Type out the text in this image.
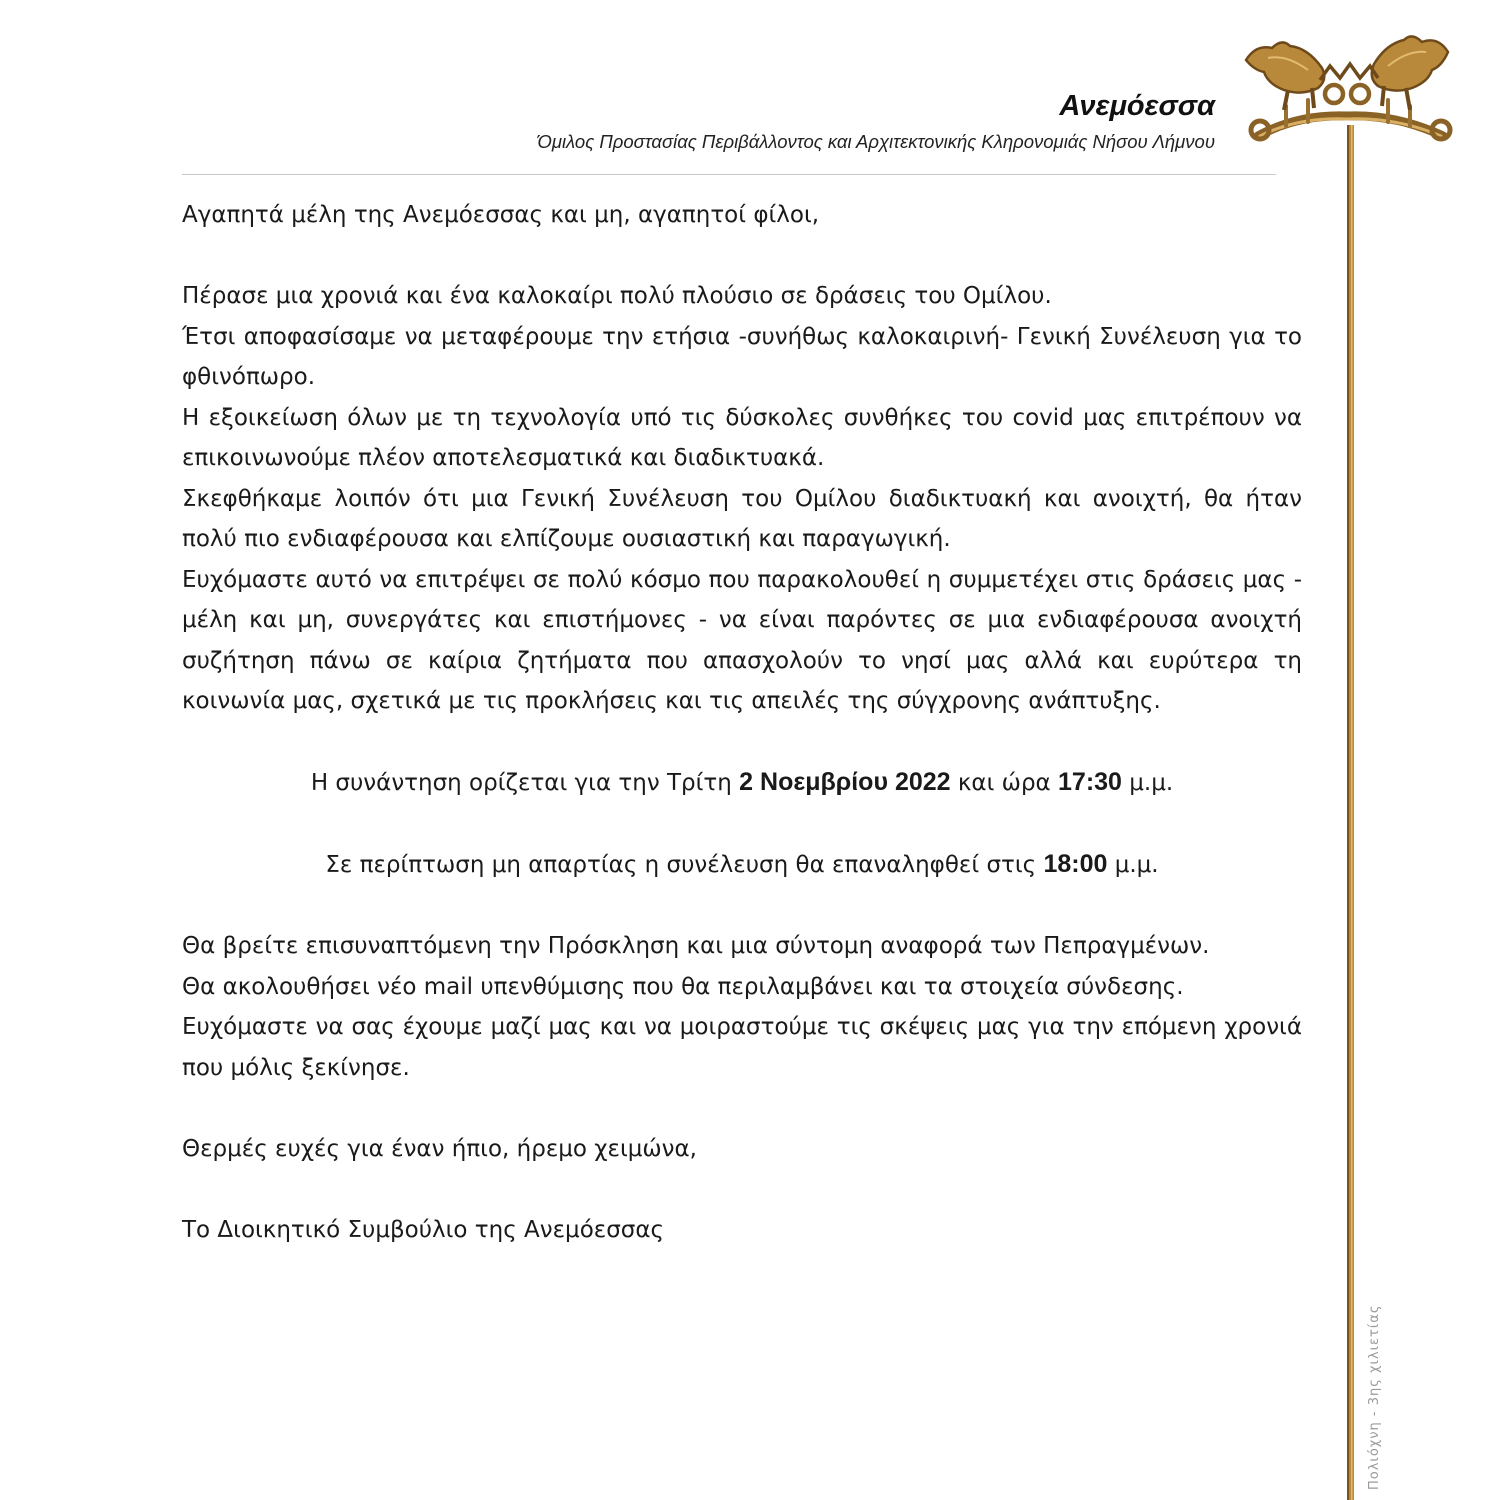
Ανεμόεσσα
Όμιλος Προστασίας Περιβάλλοντος και Αρχιτεκτονικής Κληρονομιάς Νήσου Λήμνου
Πολιόχνη - 3ης χιλιετίας

Αγαπητά μέλη της Ανεμόεσσας και μη, αγαπητοί φίλοι,

Πέρασε μια χρονιά και ένα καλοκαίρι πολύ πλούσιο σε δράσεις του Ομίλου.

Έτσι αποφασίσαμε να μεταφέρουμε την ετήσια -συνήθως καλοκαιρινή- Γενική Συνέλευση για το φθινόπωρο.

Η εξοικείωση όλων με τη τεχνολογία υπό τις δύσκολες συνθήκες του covid μας επιτρέπουν να επικοινωνούμε πλέον αποτελεσματικά και διαδικτυακά.

Σκεφθήκαμε λοιπόν ότι μια Γενική Συνέλευση του Ομίλου διαδικτυακή και ανοιχτή, θα ήταν πολύ πιο ενδιαφέρουσα και ελπίζουμε ουσιαστική και παραγωγική.

Ευχόμαστε αυτό να επιτρέψει σε πολύ κόσμο που παρακολουθεί η συμμετέχει στις δράσεις μας - μέλη και μη, συνεργάτες και επιστήμονες - να είναι παρόντες σε μια ενδιαφέρουσα ανοιχτή συζήτηση πάνω σε καίρια ζητήματα που απασχολούν το νησί μας αλλά και ευρύτερα τη κοινωνία μας, σχετικά με τις προκλήσεις και τις απειλές της σύγχρονης ανάπτυξης.

Η συνάντηση ορίζεται για την Τρίτη 2 Νοεμβρίου 2022 και ώρα 17:30 μ.μ.

Σε περίπτωση μη απαρτίας η συνέλευση θα επαναληφθεί στις 18:00 μ.μ.

Θα βρείτε επισυναπτόμενη την Πρόσκληση και μια σύντομη αναφορά των Πεπραγμένων.

Θα ακολουθήσει νέο mail υπενθύμισης που θα περιλαμβάνει και τα στοιχεία σύνδεσης.

Ευχόμαστε να σας έχουμε μαζί μας και να μοιραστούμε τις σκέψεις μας για την επόμενη χρονιά που μόλις ξεκίνησε.

Θερμές ευχές για έναν ήπιο, ήρεμο χειμώνα,

Το Διοικητικό Συμβούλιο της Ανεμόεσσας
